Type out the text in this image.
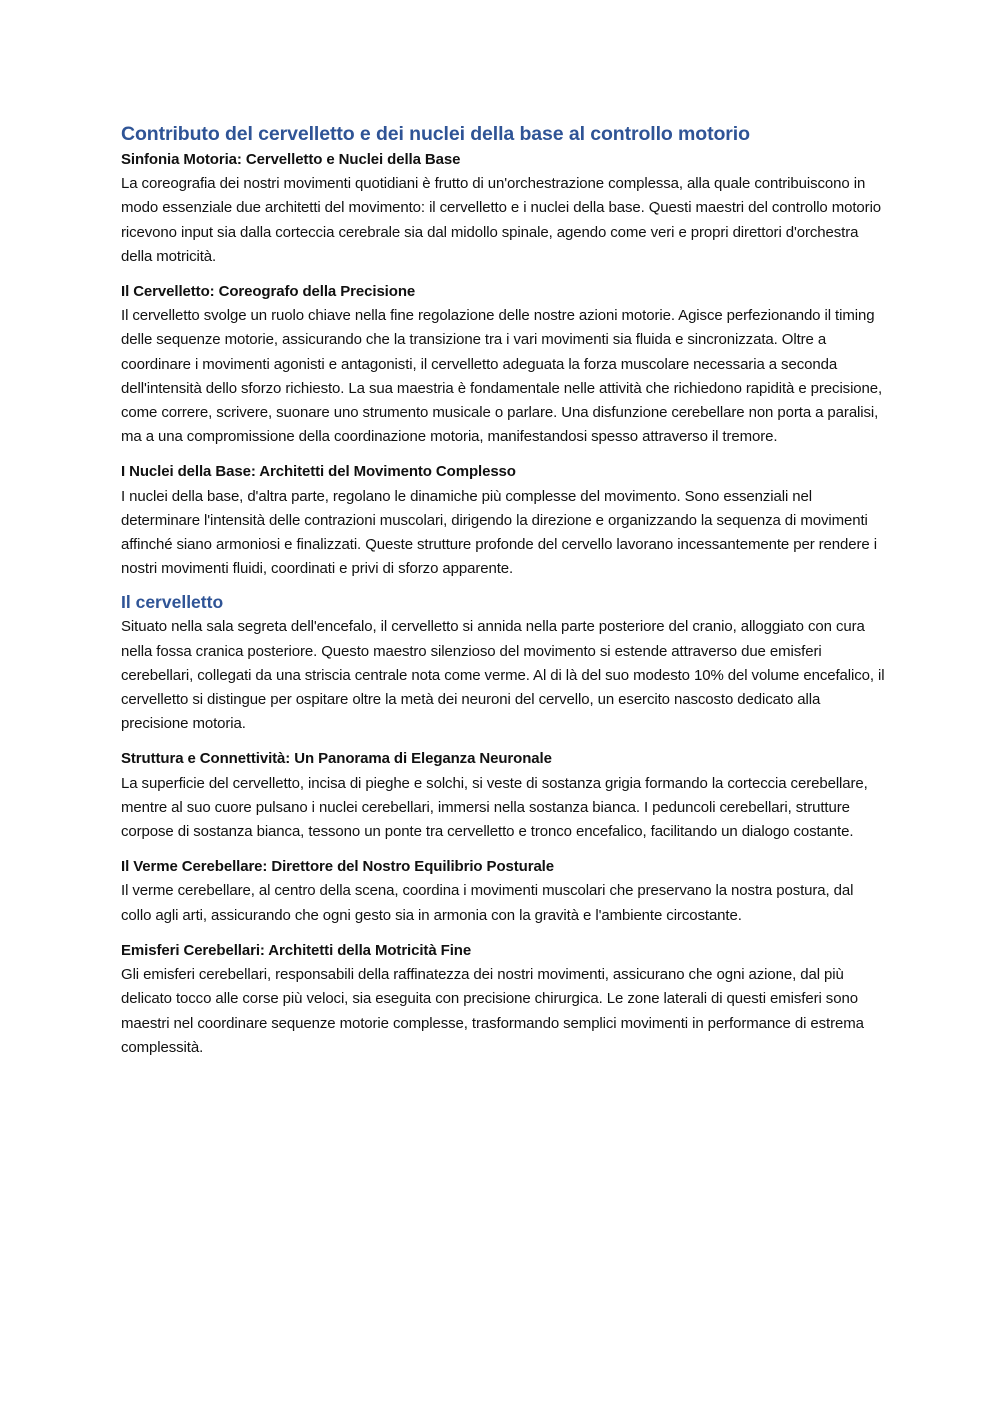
Contributo del cervelletto e dei nuclei della base al controllo motorio

Sinfonia Motoria: Cervelletto e Nuclei della Base

La coreografia dei nostri movimenti quotidiani è frutto di un'orchestrazione complessa, alla quale contribuiscono in modo essenziale due architetti del movimento: il cervelletto e i nuclei della base. Questi maestri del controllo motorio ricevono input sia dalla corteccia cerebrale sia dal midollo spinale, agendo come veri e propri direttori d'orchestra della motricità.

Il Cervelletto: Coreografo della Precisione

Il cervelletto svolge un ruolo chiave nella fine regolazione delle nostre azioni motorie. Agisce perfezionando il timing delle sequenze motorie, assicurando che la transizione tra i vari movimenti sia fluida e sincronizzata. Oltre a coordinare i movimenti agonisti e antagonisti, il cervelletto adeguata la forza muscolare necessaria a seconda dell'intensità dello sforzo richiesto. La sua maestria è fondamentale nelle attività che richiedono rapidità e precisione, come correre, scrivere, suonare uno strumento musicale o parlare. Una disfunzione cerebellare non porta a paralisi, ma a una compromissione della coordinazione motoria, manifestandosi spesso attraverso il tremore.

I Nuclei della Base: Architetti del Movimento Complesso

I nuclei della base, d'altra parte, regolano le dinamiche più complesse del movimento. Sono essenziali nel determinare l'intensità delle contrazioni muscolari, dirigendo la direzione e organizzando la sequenza di movimenti affinché siano armoniosi e finalizzati. Queste strutture profonde del cervello lavorano incessantemente per rendere i nostri movimenti fluidi, coordinati e privi di sforzo apparente.

Il cervelletto

Situato nella sala segreta dell'encefalo, il cervelletto si annida nella parte posteriore del cranio, alloggiato con cura nella fossa cranica posteriore. Questo maestro silenzioso del movimento si estende attraverso due emisferi cerebellari, collegati da una striscia centrale nota come verme. Al di là del suo modesto 10% del volume encefalico, il cervelletto si distingue per ospitare oltre la metà dei neuroni del cervello, un esercito nascosto dedicato alla precisione motoria.

Struttura e Connettività: Un Panorama di Eleganza Neuronale

La superficie del cervelletto, incisa di pieghe e solchi, si veste di sostanza grigia formando la corteccia cerebellare, mentre al suo cuore pulsano i nuclei cerebellari, immersi nella sostanza bianca. I peduncoli cerebellari, strutture corpose di sostanza bianca, tessono un ponte tra cervelletto e tronco encefalico, facilitando un dialogo costante.

Il Verme Cerebellare: Direttore del Nostro Equilibrio Posturale

Il verme cerebellare, al centro della scena, coordina i movimenti muscolari che preservano la nostra postura, dal collo agli arti, assicurando che ogni gesto sia in armonia con la gravità e l'ambiente circostante.

Emisferi Cerebellari: Architetti della Motricità Fine

Gli emisferi cerebellari, responsabili della raffinatezza dei nostri movimenti, assicurano che ogni azione, dal più delicato tocco alle corse più veloci, sia eseguita con precisione chirurgica. Le zone laterali di questi emisferi sono maestri nel coordinare sequenze motorie complesse, trasformando semplici movimenti in performance di estrema complessità.
